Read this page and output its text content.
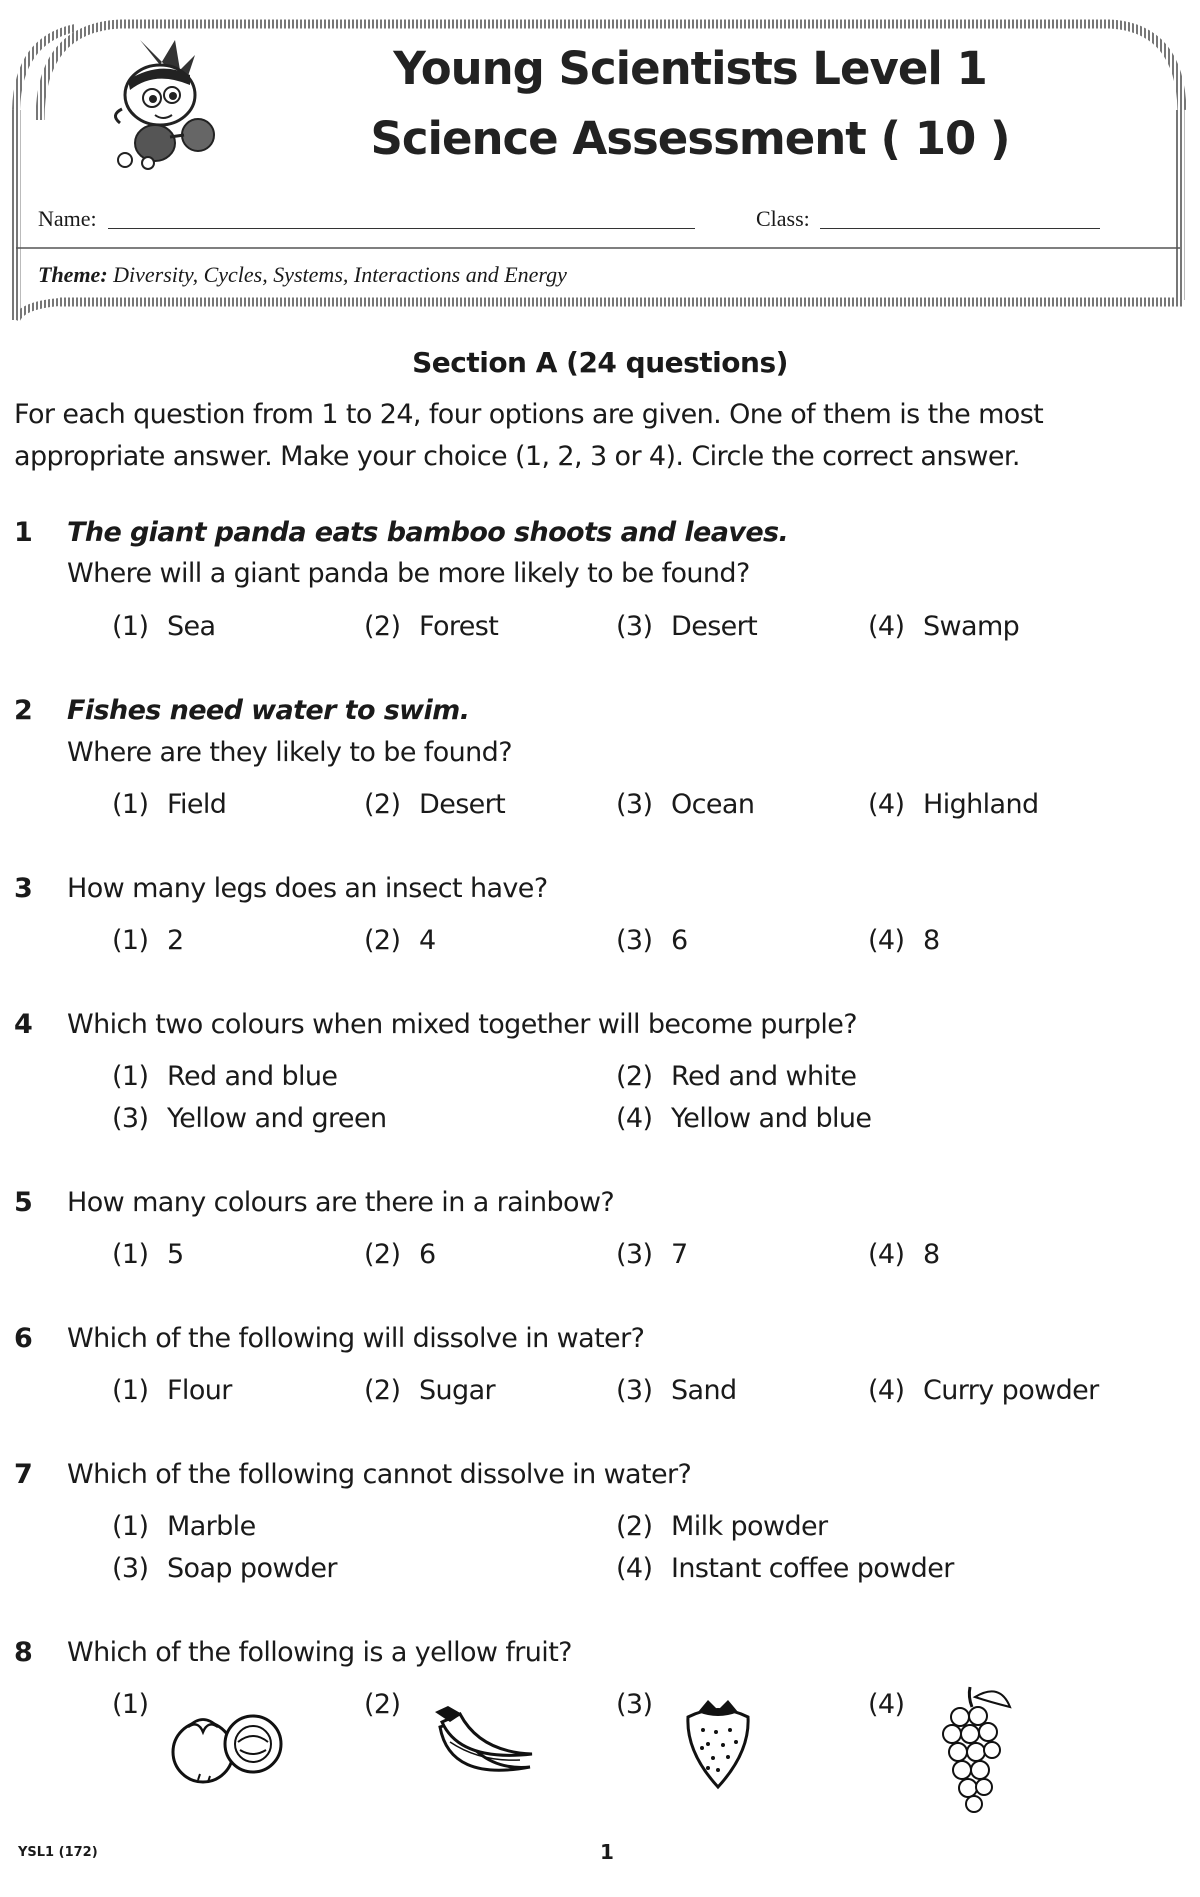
Young Scientists Level 1
Science Assessment ( 10 )
Name:	Class:
Theme: Diversity, Cycles, Systems, Interactions and Energy
Section A (24 questions)
For each question from 1 to 24, four options are given. One of them is the most
appropriate answer. Make your choice (1, 2, 3 or 4). Circle the correct answer.
1 The giant panda eats bamboo shoots and leaves.
Where will a giant panda be more likely to be found?
(1) Sea	(2) Forest	(3) Desert	(4) Swamp
2 Fishes need water to swim.
Where are they likely to be found?
(1) Field	(2) Desert	(3) Ocean	(4) Highland
3 How many legs does an insect have?
(1) 2	(2) 4	(3) 6	(4) 8
4 Which two colours when mixed together will become purple?
(1) Red and blue	(2) Red and white
(3) Yellow and green	(4) Yellow and blue
5 How many colours are there in a rainbow?
(1) 5	(2) 6	(3) 7	(4) 8
6 Which of the following will dissolve in water?
(1) Flour	(2) Sugar	(3) Sand	(4) Curry powder
7 Which of the following cannot dissolve in water?
(1) Marble	(2) Milk powder
(3) Soap powder	(4) Instant coffee powder
8 Which of the following is a yellow fruit?
(1)	(2)	(3)	(4)
YSL1 (172)	1
